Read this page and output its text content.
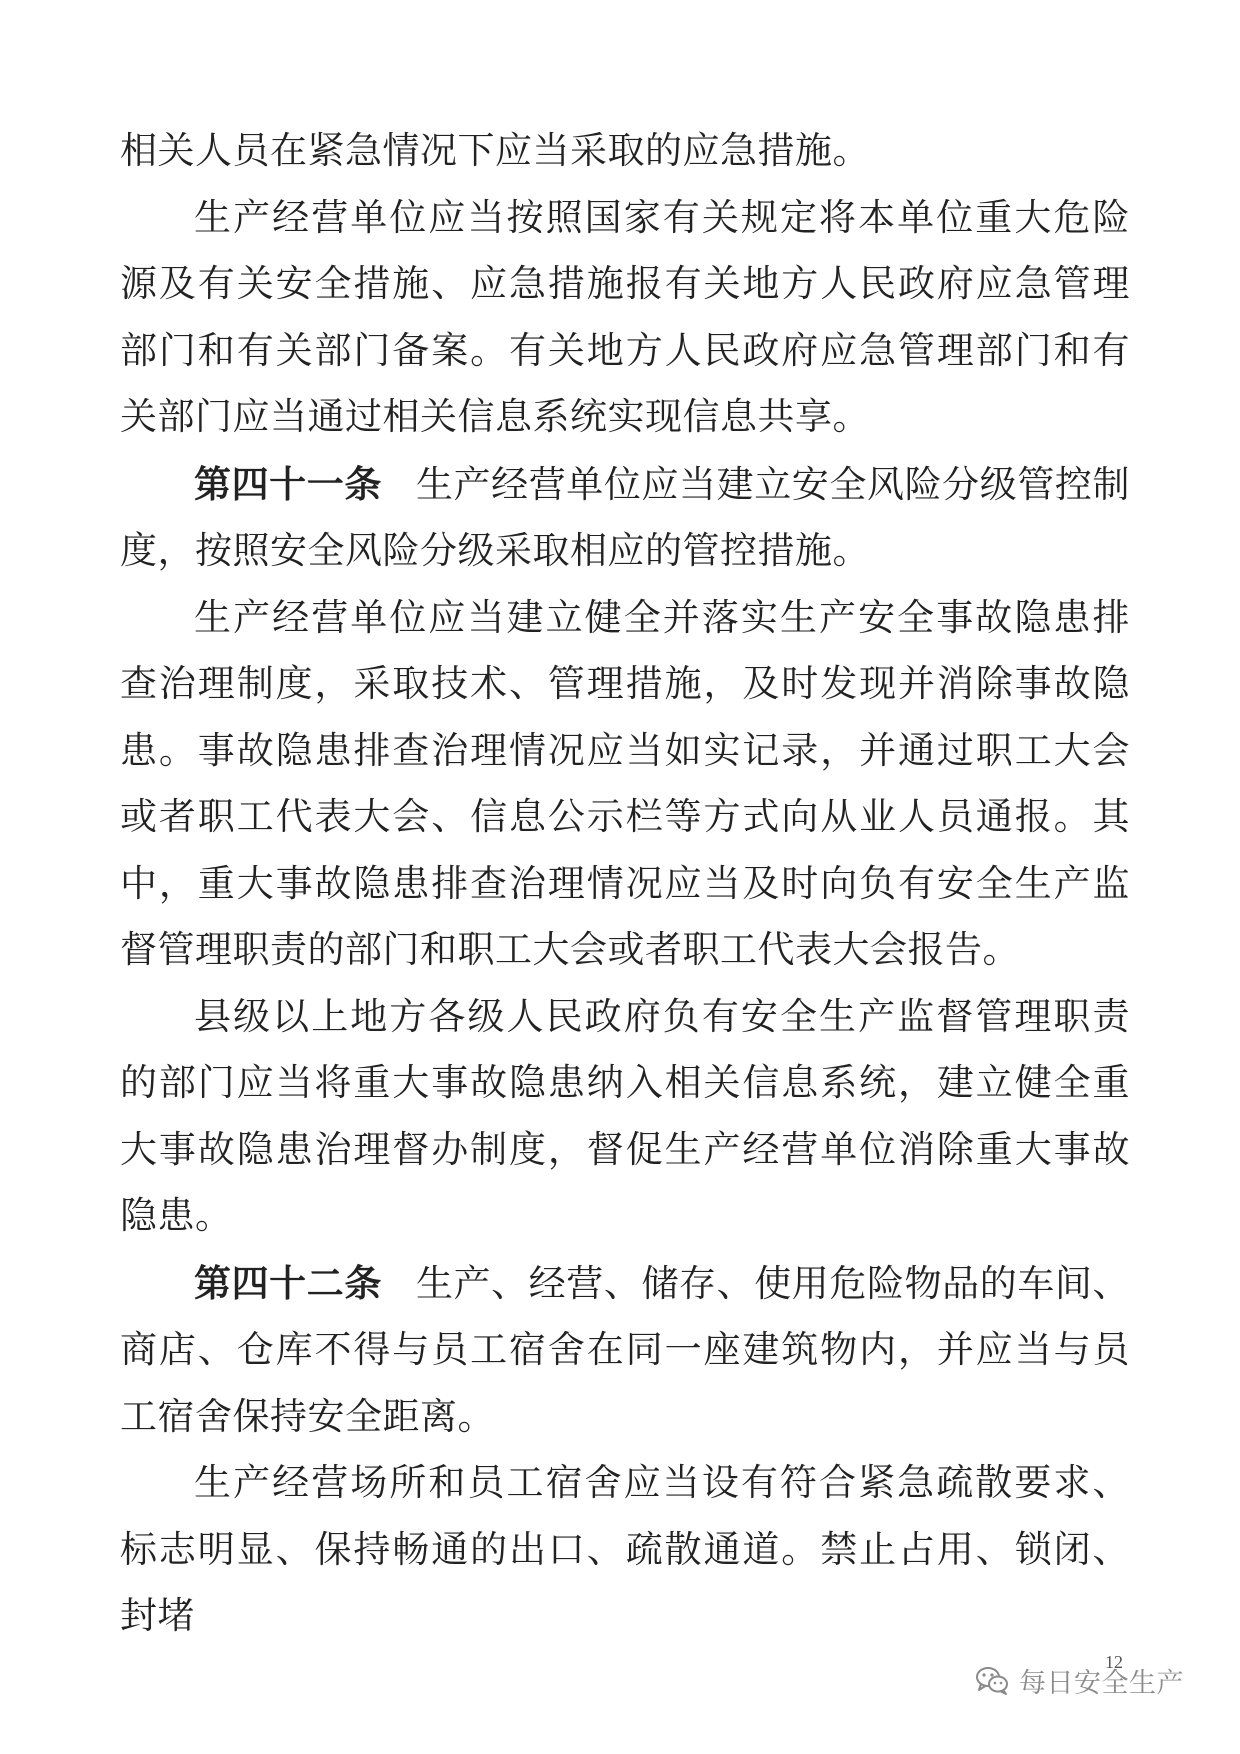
相关人员在紧急情况下应当采取的应急措施。

生产经营单位应当按照国家有关规定将本单位重大危险源及有关安全措施、应急措施报有关地方人民政府应急管理部门和有关部门备案。有关地方人民政府应急管理部门和有关部门应当通过相关信息系统实现信息共享。

第四十一条 生产经营单位应当建立安全风险分级管控制度，按照安全风险分级采取相应的管控措施。

生产经营单位应当建立健全并落实生产安全事故隐患排查治理制度，采取技术、管理措施，及时发现并消除事故隐患。事故隐患排查治理情况应当如实记录，并通过职工大会或者职工代表大会、信息公示栏等方式向从业人员通报。其中，重大事故隐患排查治理情况应当及时向负有安全生产监督管理职责的部门和职工大会或者职工代表大会报告。

县级以上地方各级人民政府负有安全生产监督管理职责的部门应当将重大事故隐患纳入相关信息系统，建立健全重大事故隐患治理督办制度，督促生产经营单位消除重大事故隐患。

第四十二条 生产、经营、储存、使用危险物品的车间、商店、仓库不得与员工宿舍在同一座建筑物内，并应当与员工宿舍保持安全距离。

生产经营场所和员工宿舍应当设有符合紧急疏散要求、标志明显、保持畅通的出口、疏散通道。禁止占用、锁闭、封堵

12
每日安全生产
